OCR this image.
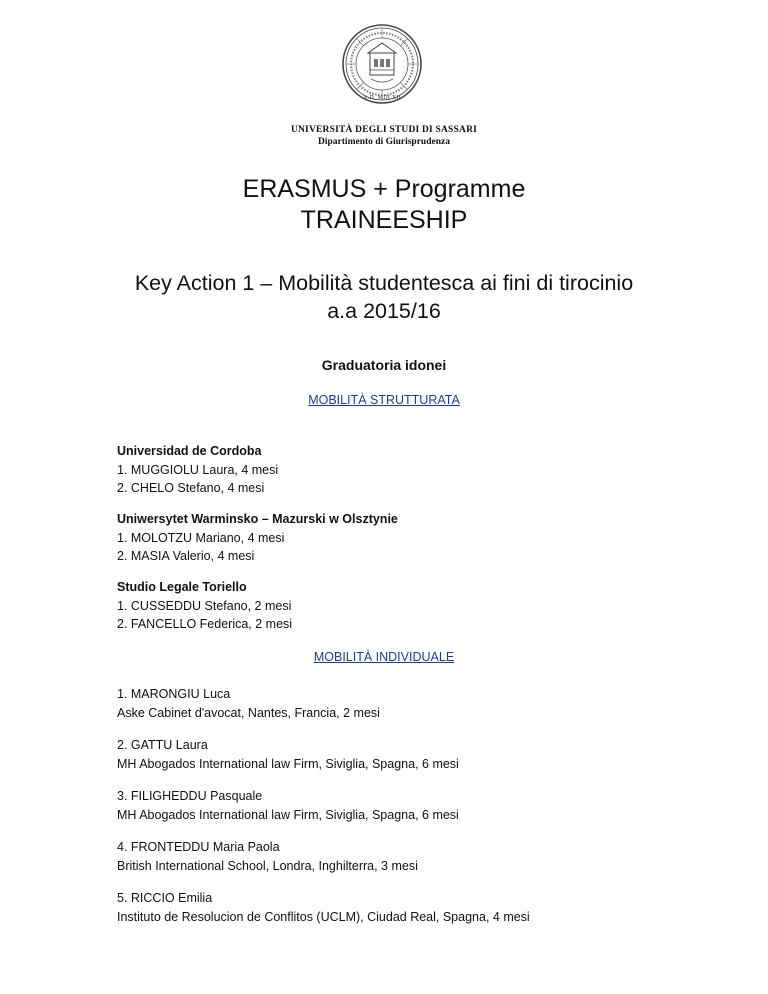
A.D. MDLXII
UNIVERSITÀ DEGLI STUDI DI SASSARI
Dipartimento di Giurisprudenza
ERASMUS + Programme
TRAINEESHIP
Key Action 1 – Mobilità studentesca ai fini di tirocinio
a.a 2015/16
Graduatoria idonei
MOBILITÀ STRUTTURATA
Universidad de Cordoba
1. MUGGIOLU Laura, 4 mesi
2. CHELO Stefano, 4 mesi
Uniwersytet Warminsko – Mazurski w Olsztynie
1. MOLOTZU Mariano, 4 mesi
2. MASIA Valerio, 4 mesi
Studio Legale Toriello
1. CUSSEDDU Stefano, 2 mesi
2. FANCELLO Federica, 2 mesi
MOBILITÀ INDIVIDUALE
1. MARONGIU Luca
Aske Cabinet d'avocat, Nantes, Francia, 2 mesi
2. GATTU Laura
MH Abogados International law Firm, Siviglia, Spagna, 6 mesi
3. FILIGHEDDU Pasquale
MH Abogados International law Firm, Siviglia, Spagna, 6 mesi
4. FRONTEDDU Maria Paola
British International School, Londra, Inghilterra, 3 mesi
5. RICCIO Emilia
Instituto de Resolucion de Conflitos (UCLM), Ciudad Real, Spagna, 4 mesi
